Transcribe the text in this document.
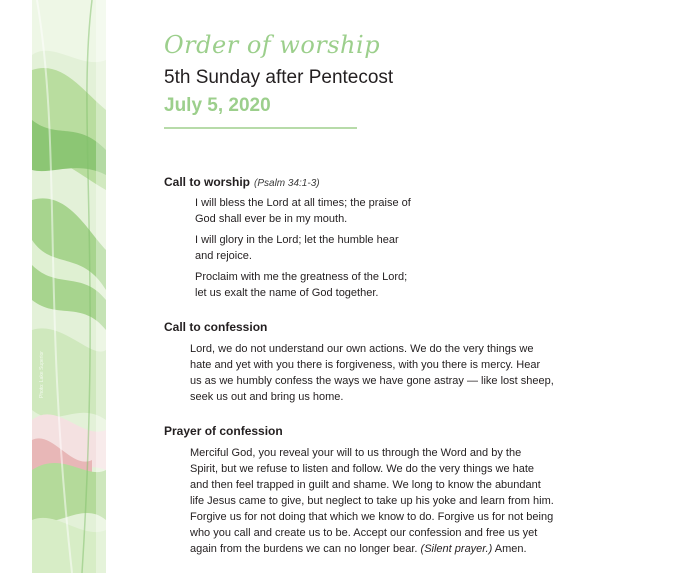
Photo: Lake Superior
Order of worship
5th Sunday after Pentecost
July 5, 2020
Call to worship (Psalm 34:1-3)
I will bless the Lord at all times; the praise of
God shall ever be in my mouth.
I will glory in the Lord; let the humble hear
and rejoice.
Proclaim with me the greatness of the Lord;
let us exalt the name of God together.
Call to confession
Lord, we do not understand our own actions. We do the very things we
hate and yet with you there is forgiveness, with you there is mercy. Hear
us as we humbly confess the ways we have gone astray — like lost sheep,
seek us out and bring us home.
Prayer of confession
Merciful God, you reveal your will to us through the Word and by the
Spirit, but we refuse to listen and follow. We do the very things we hate
and then feel trapped in guilt and shame. We long to know the abundant
life Jesus came to give, but neglect to take up his yoke and learn from him.
Forgive us for not doing that which we know to do. Forgive us for not being
who you call and create us to be. Accept our confession and free us yet
again from the burdens we can no longer bear. (Silent prayer.) Amen.
